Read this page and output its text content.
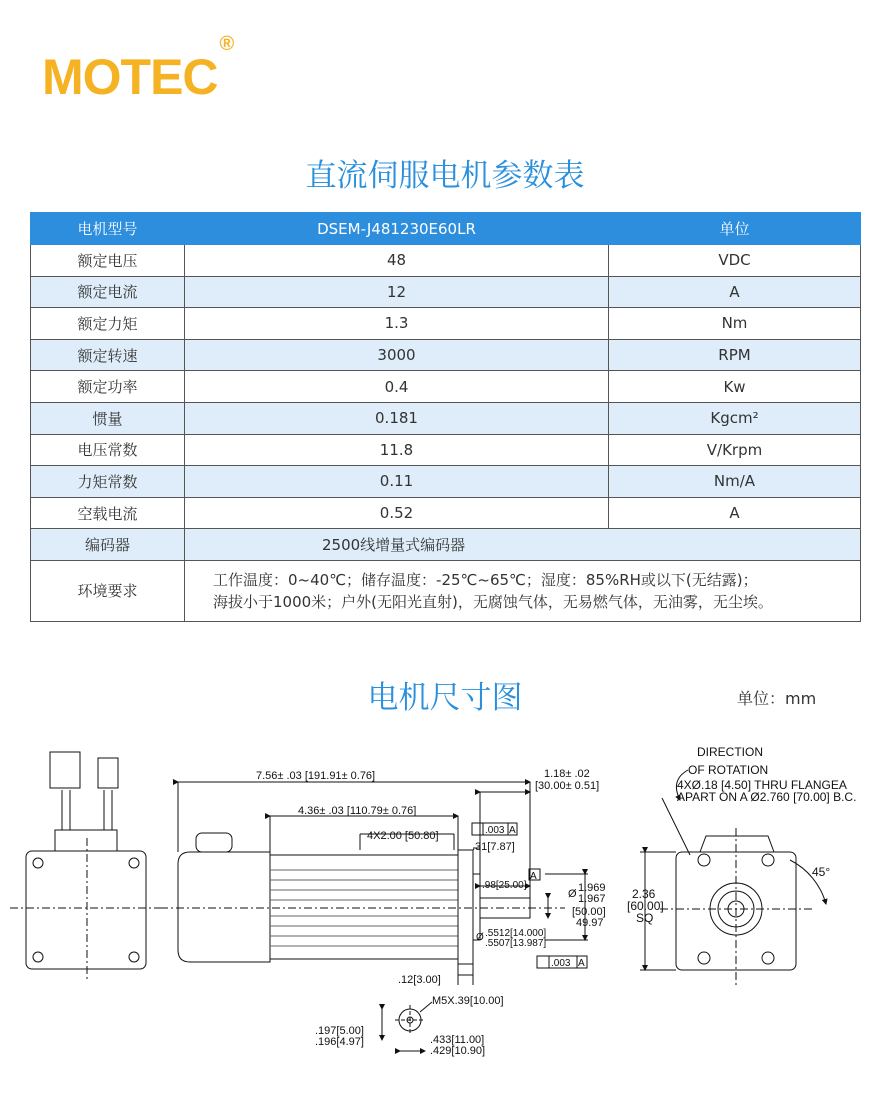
MOTEC®
直流伺服电机参数表
电机型号	DSEM-J481230E60LR	单位
额定电压	48	VDC
额定电流	12	A
额定力矩	1.3	Nm
额定转速	3000	RPM
额定功率	0.4	Kw
惯量	0.181	Kgcm²
电压常数	11.8	V/Krpm
力矩常数	0.11	Nm/A
空载电流	0.52	A
编码器	2500线增量式编码器	
环境要求	工作温度：0~40℃；储存温度：-25℃~65℃；湿度：85%RH或以下(无结露)；
海拔小于1000米；户外(无阳光直射)，无腐蚀气体，无易燃气体，无油雾，无尘埃。	
电机尺寸图	单位：mm
7.56± .03 [191.91± 0.76]	1.18± .02
[30.00± 0.51]
4.36± .03 [110.79± 0.76]
4X2.00 [50.80]	.003 A
.31[7.87]
.98[25.00]
A
Ø 1.969
1.967
[50.00]
49.97
Ø .5512[14.000]
.5507[13.987]
.003 A
.12[3.00]
M5X.39[10.00]
.197[5.00]
.196[4.97]	.433[11.00]
.429[10.90]
DIRECTION
OF ROTATION
4XØ.18 [4.50] THRU FLANGEA
APART ON A Ø2.760 [70.00] B.C.
45°
2.36
[60.00]
SQ
